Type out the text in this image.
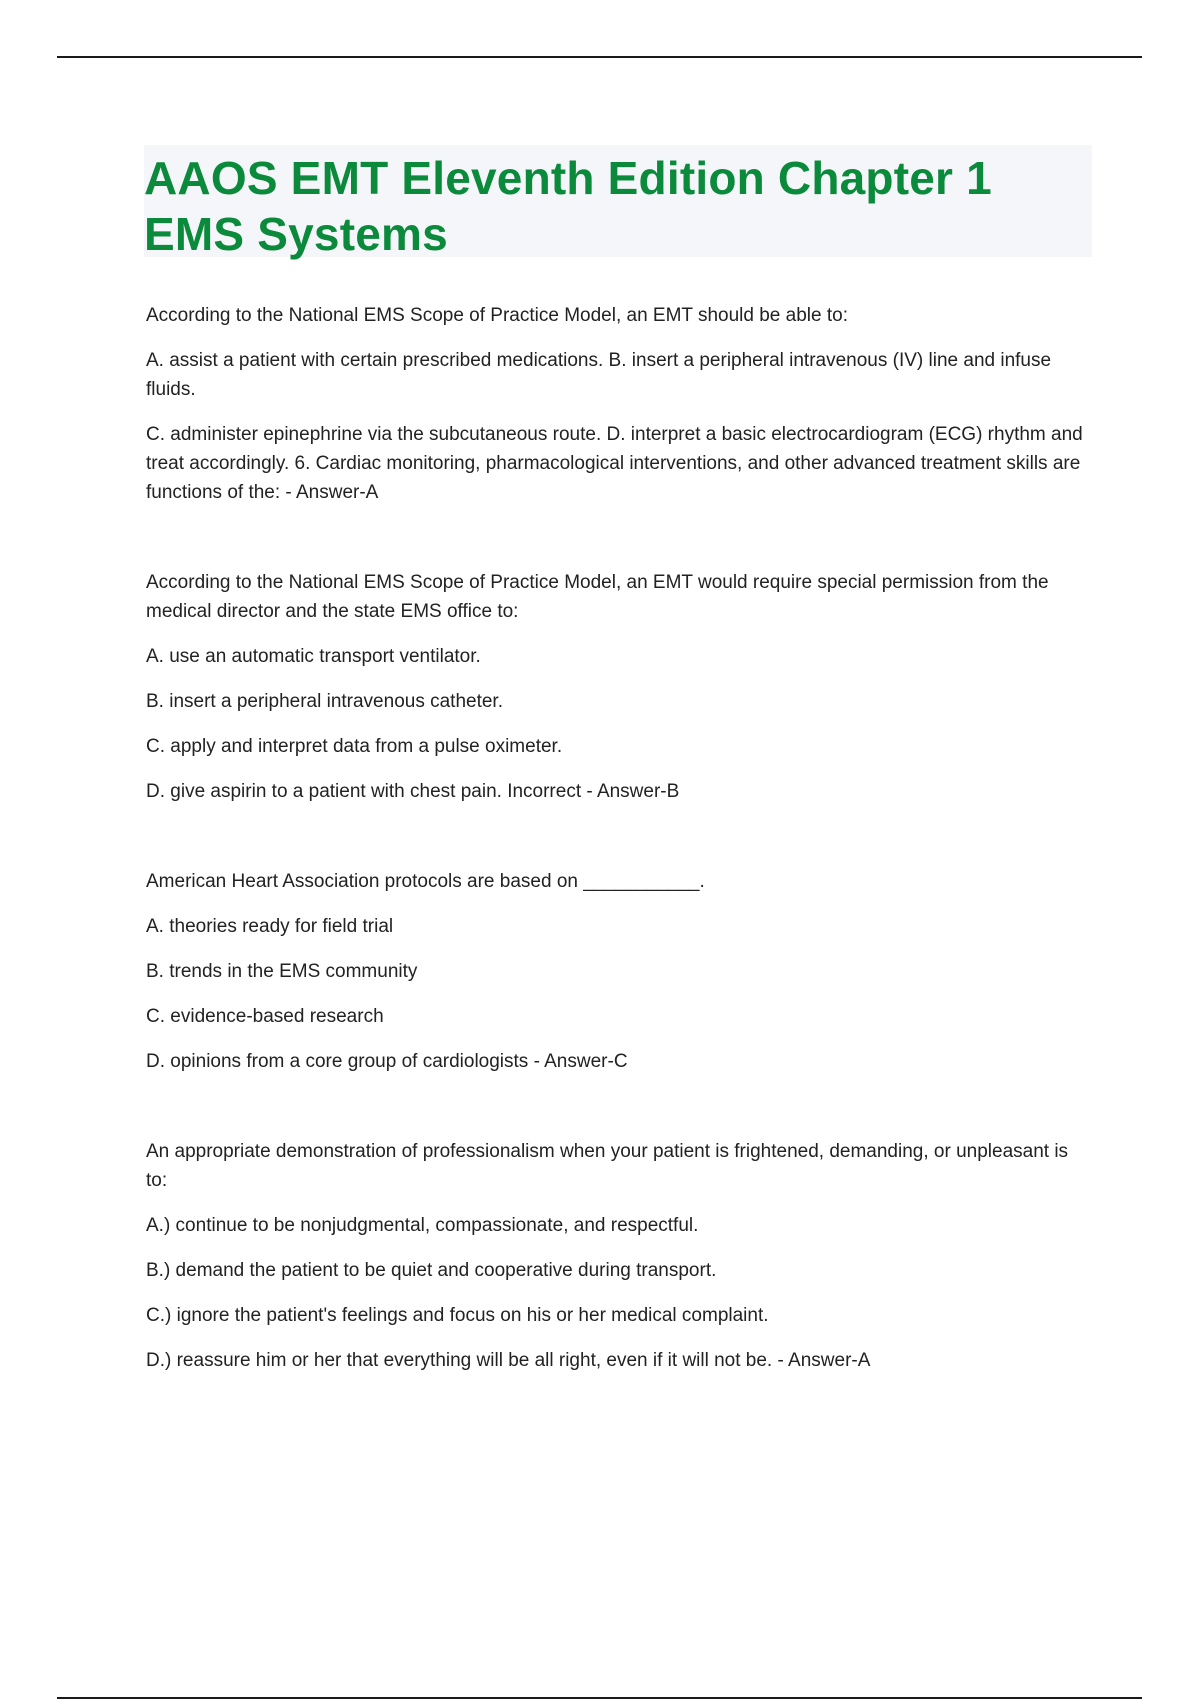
AAOS EMT Eleventh Edition Chapter 1
EMS Systems

According to the National EMS Scope of Practice Model, an EMT should be able to:

A. assist a patient with certain prescribed medications. B. insert a peripheral intravenous (IV) line and infuse fluids.

C. administer epinephrine via the subcutaneous route. D. interpret a basic electrocardiogram (ECG) rhythm and treat accordingly. 6. Cardiac monitoring, pharmacological interventions, and other advanced treatment skills are functions of the: - Answer-A

According to the National EMS Scope of Practice Model, an EMT would require special permission from the medical director and the state EMS office to:

A. use an automatic transport ventilator.

B. insert a peripheral intravenous catheter.

C. apply and interpret data from a pulse oximeter.

D. give aspirin to a patient with chest pain. Incorrect - Answer-B

American Heart Association protocols are based on ___________.

A. theories ready for field trial

B. trends in the EMS community

C. evidence-based research

D. opinions from a core group of cardiologists - Answer-C

An appropriate demonstration of professionalism when your patient is frightened, demanding, or unpleasant is to:

A.) continue to be nonjudgmental, compassionate, and respectful.

B.) demand the patient to be quiet and cooperative during transport.

C.) ignore the patient's feelings and focus on his or her medical complaint.

D.) reassure him or her that everything will be all right, even if it will not be. - Answer-A
